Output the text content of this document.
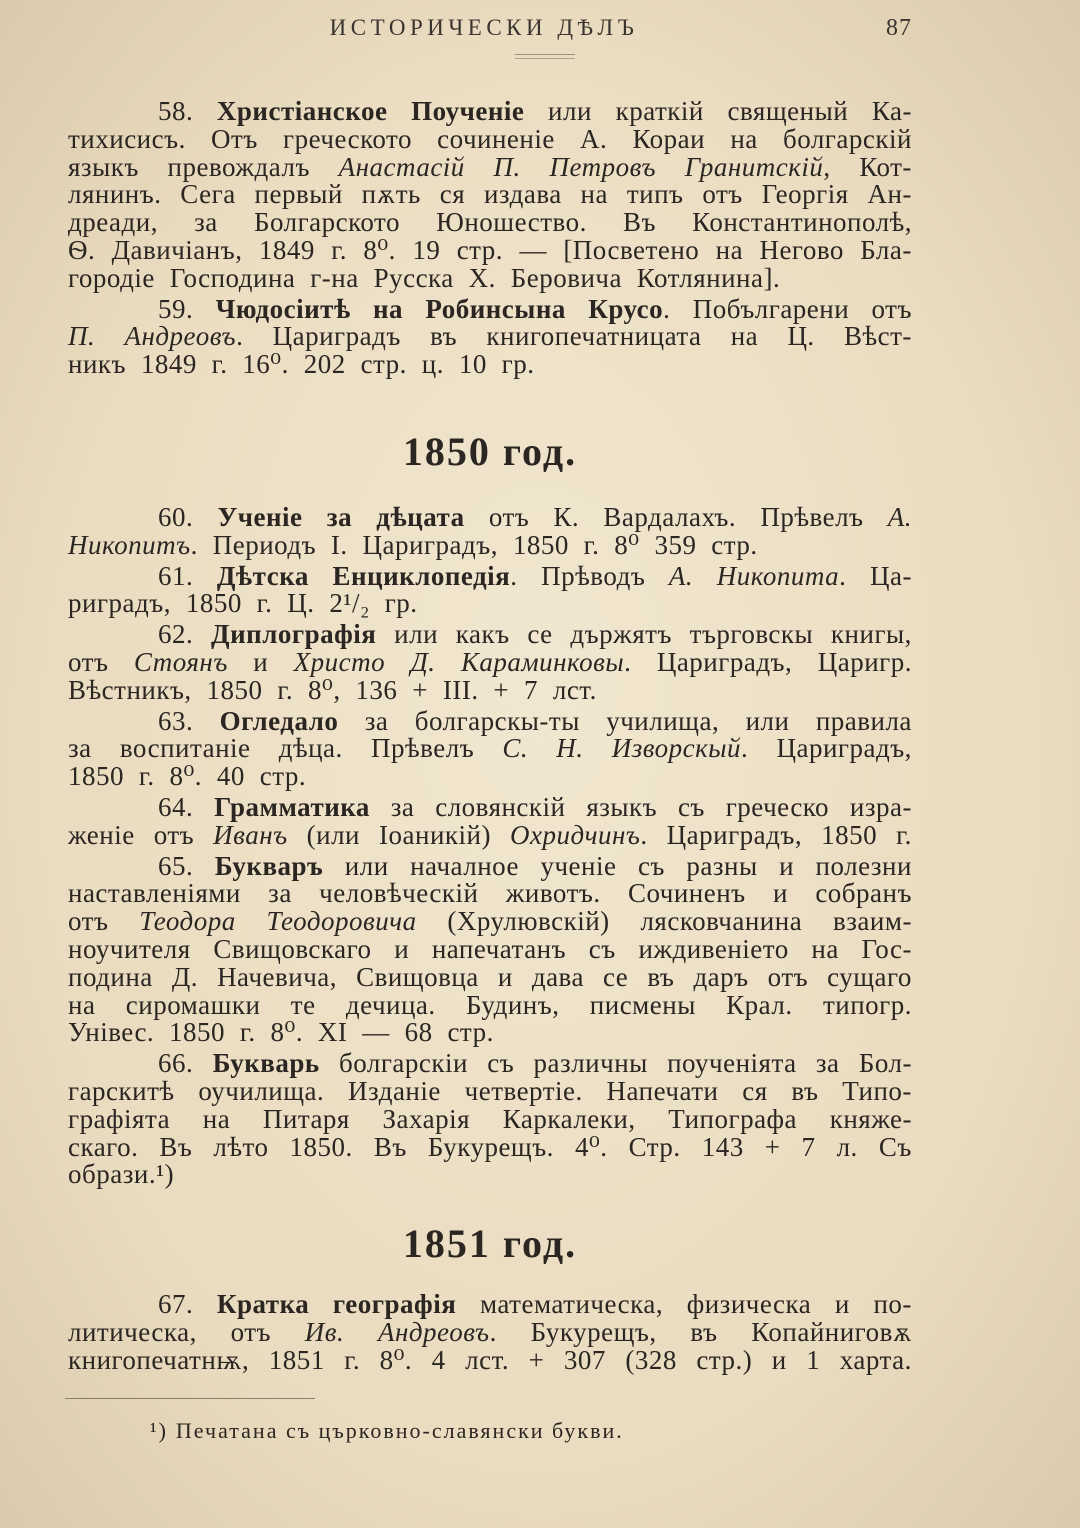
ИСТОРИЧЕСКИ ДѢЛЪ	87
58. Христіанское Поученіе или краткій священый Ка-
тихисисъ. Отъ греческото сочиненіе А. Кораи на болгарскій
языкъ превождалъ Анастасій П. Петровъ Гранитскій, Кот-
лянинъ. Сега первый пѫть ся издава на типъ отъ Георгія Ан-
дреади, за Болгарското Юношество. Въ Константинополѣ,
Ѳ. Давичіанъ, 1849 г. 8⁰. 19 стр. — [Посветено на Негово Бла-
городіе Господина г-на Русска Х. Беровича Котлянина].
59. Чюдосіитѣ на Робинсына Крусо. Побългарени отъ
П. Андреовъ. Цариградъ въ книгопечатницата на Ц. Вѣст-
никъ 1849 г. 16⁰. 202 стр. ц. 10 гр.
1850 год.
60. Ученіе за дѣцата отъ К. Вардалахъ. Прѣвелъ А.
Никопитъ. Периодъ I. Цариградъ, 1850 г. 8⁰ 359 стр.
61. Дѣтска Енциклопедія. Прѣводъ А. Никопита. Ца-
риградъ, 1850 г. Ц. 2¹/₂ гр.
62. Диплографія или какъ се държятъ търговскы книгы,
отъ Стоянъ и Христо Д. Караминковы. Цариградъ, Царигр.
Вѣстникъ, 1850 г. 8⁰, 136 + III. + 7 лст.
63. Огледало за болгарскы-ты училища, или правила
за воспитаніе дѣца. Прѣвелъ С. Н. Изворскый. Цариградъ,
1850 г. 8⁰. 40 стр.
64. Грамматика за словянскій языкъ съ греческо изра-
женіе отъ Иванъ (или Іоаникій) Охридчинъ. Цариградъ, 1850 г.
65. Букваръ или началное ученіе съ разны и полезни
наставленіями за человѣческій животъ. Сочиненъ и собранъ
отъ Теодора Теодоровича (Хрулювскій) лясковчанина взаим-
ноучителя Свищовскаго и напечатанъ съ иждивеніето на Гос-
подина Д. Начевича, Свищовца и дава се въ даръ отъ сущаго
на сиромашки те дечица. Будинъ, писмены Крал. типогр.
Унівес. 1850 г. 8⁰. XI — 68 стр.
66. Букварь болгарскіи съ различны поученіята за Бол-
гарскитѣ оучилища. Изданіе четвертіе. Напечати ся въ Типо-
графіята на Питаря Захарія Каркалеки, Типографа княже-
скаго. Въ лѣто 1850. Въ Букурещъ. 4⁰. Стр. 143 + 7 л. Съ
образи.¹)
1851 год.
67. Кратка географія математическа, физическа и по-
литическа, отъ Ив. Андреовъ. Букурещъ, въ Копайниговѫ
книгопечатнѭ, 1851 г. 8⁰. 4 лст. + 307 (328 стр.) и 1 харта.
¹) Печатана съ църковно-славянски букви.
